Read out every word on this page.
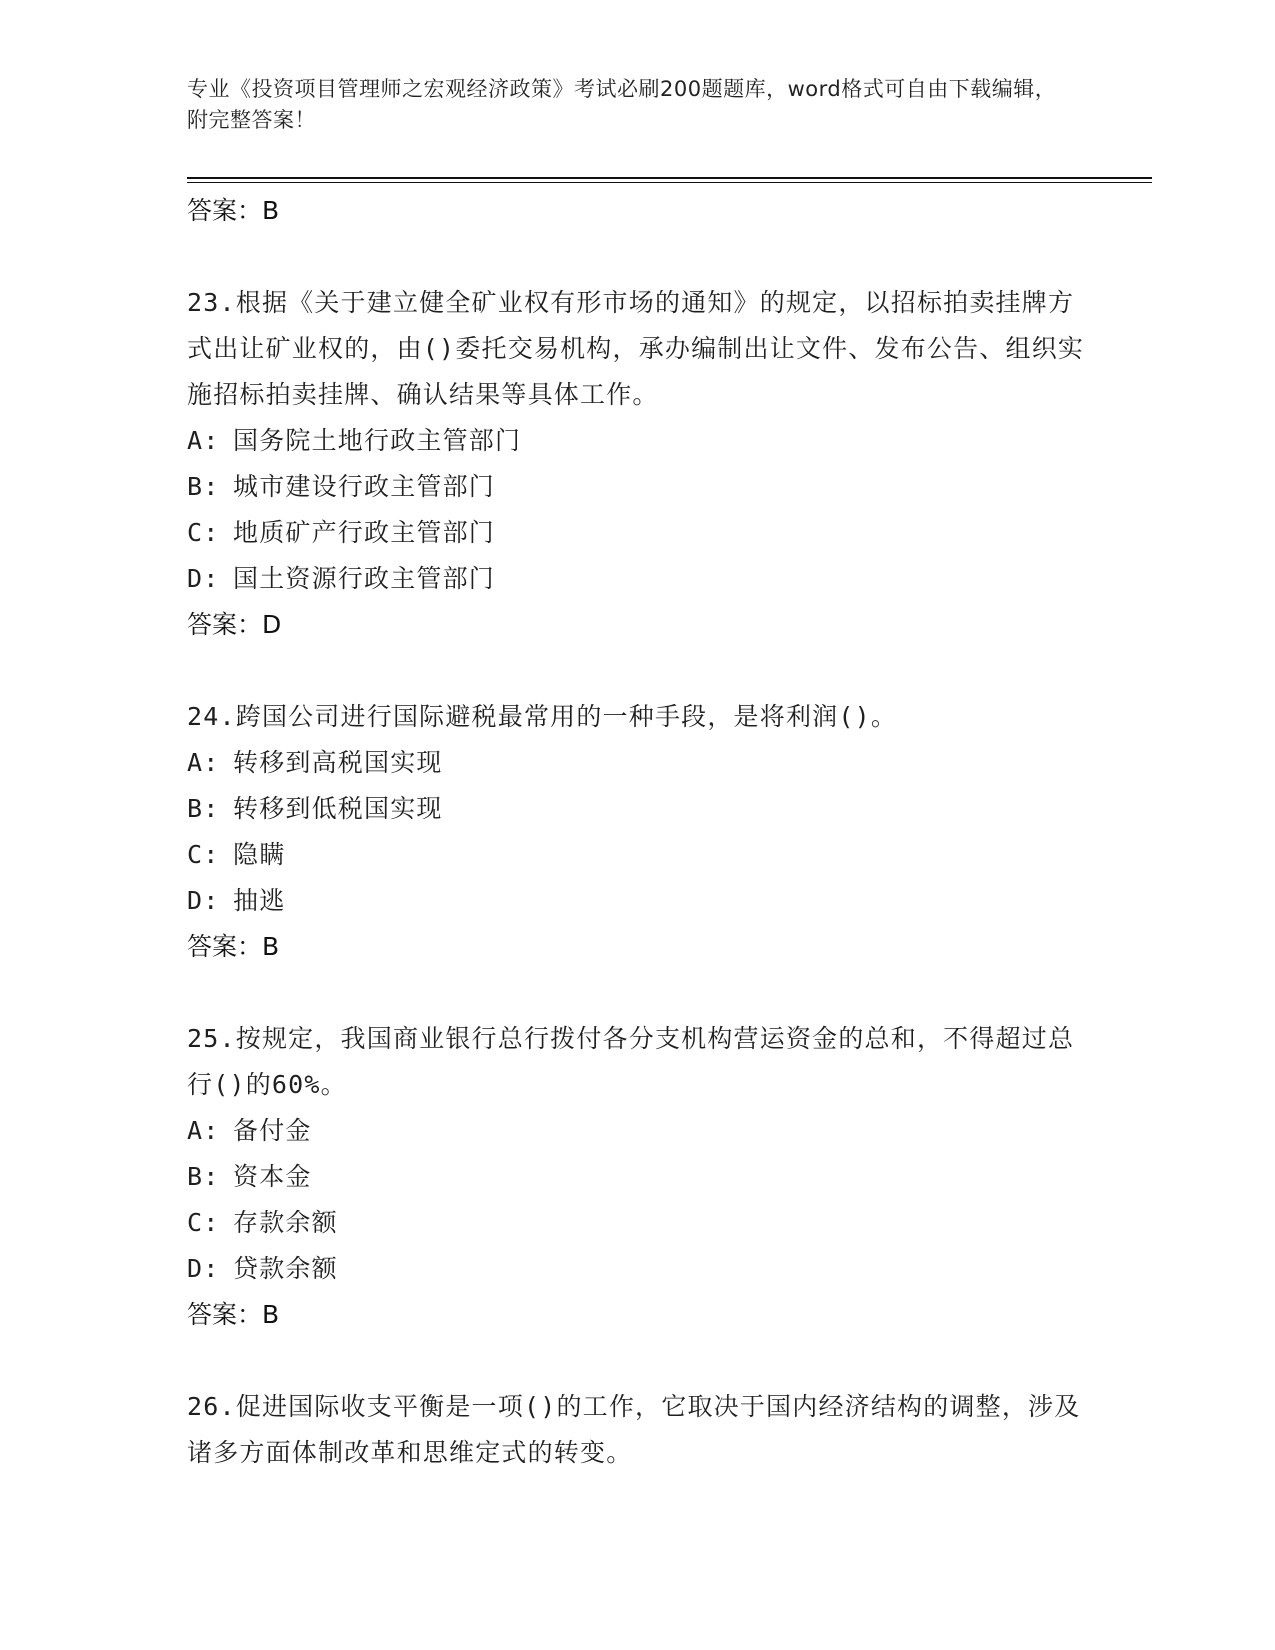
专业《投资项目管理师之宏观经济政策》考试必刷200题题库，word格式可自由下载编辑，附完整答案！
答案：B
23.根据《关于建立健全矿业权有形市场的通知》的规定，以招标拍卖挂牌方式出让矿业权的，由()委托交易机构，承办编制出让文件、发布公告、组织实施招标拍卖挂牌、确认结果等具体工作。
A: 国务院土地行政主管部门
B: 城市建设行政主管部门
C: 地质矿产行政主管部门
D: 国土资源行政主管部门
答案：D
24.跨国公司进行国际避税最常用的一种手段，是将利润()。
A: 转移到高税国实现
B: 转移到低税国实现
C: 隐瞒
D: 抽逃
答案：B
25.按规定，我国商业银行总行拨付各分支机构营运资金的总和，不得超过总行()的60%。
A: 备付金
B: 资本金
C: 存款余额
D: 贷款余额
答案：B
26.促进国际收支平衡是一项()的工作，它取决于国内经济结构的调整，涉及诸多方面体制改革和思维定式的转变。
